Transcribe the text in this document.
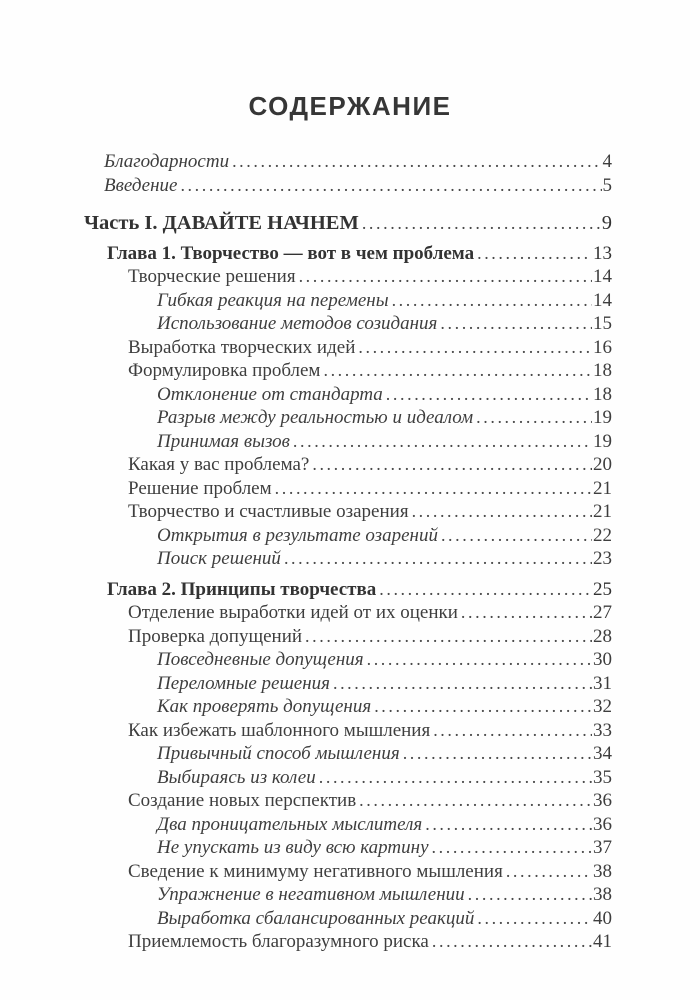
СОДЕРЖАНИЕ
Благодарности .....	4
Введение .....	5
Часть I. ДАВАЙТЕ НАЧНЕМ .....	9
Глава 1. Творчество — вот в чем проблема .....	13
Творческие решения .....	14
Гибкая реакция на перемены .....	14
Использование методов созидания .....	15
Выработка творческих идей .....	16
Формулировка проблем .....	18
Отклонение от стандарта .....	18
Разрыв между реальностью и идеалом .....	19
Принимая вызов .....	19
Какая у вас проблема? .....	20
Решение проблем .....	21
Творчество и счастливые озарения .....	21
Открытия в результате озарений .....	22
Поиск решений .....	23
Глава 2. Принципы творчества .....	25
Отделение выработки идей от их оценки .....	27
Проверка допущений .....	28
Повседневные допущения .....	30
Переломные решения .....	31
Как проверять допущения .....	32
Как избежать шаблонного мышления .....	33
Привычный способ мышления .....	34
Выбираясь из колеи .....	35
Создание новых перспектив .....	36
Два проницательных мыслителя .....	36
Не упускать из виду всю картину .....	37
Сведение к минимуму негативного мышления .....	38
Упражнение в негативном мышлении .....	38
Выработка сбалансированных реакций .....	40
Приемлемость благоразумного риска .....	41
